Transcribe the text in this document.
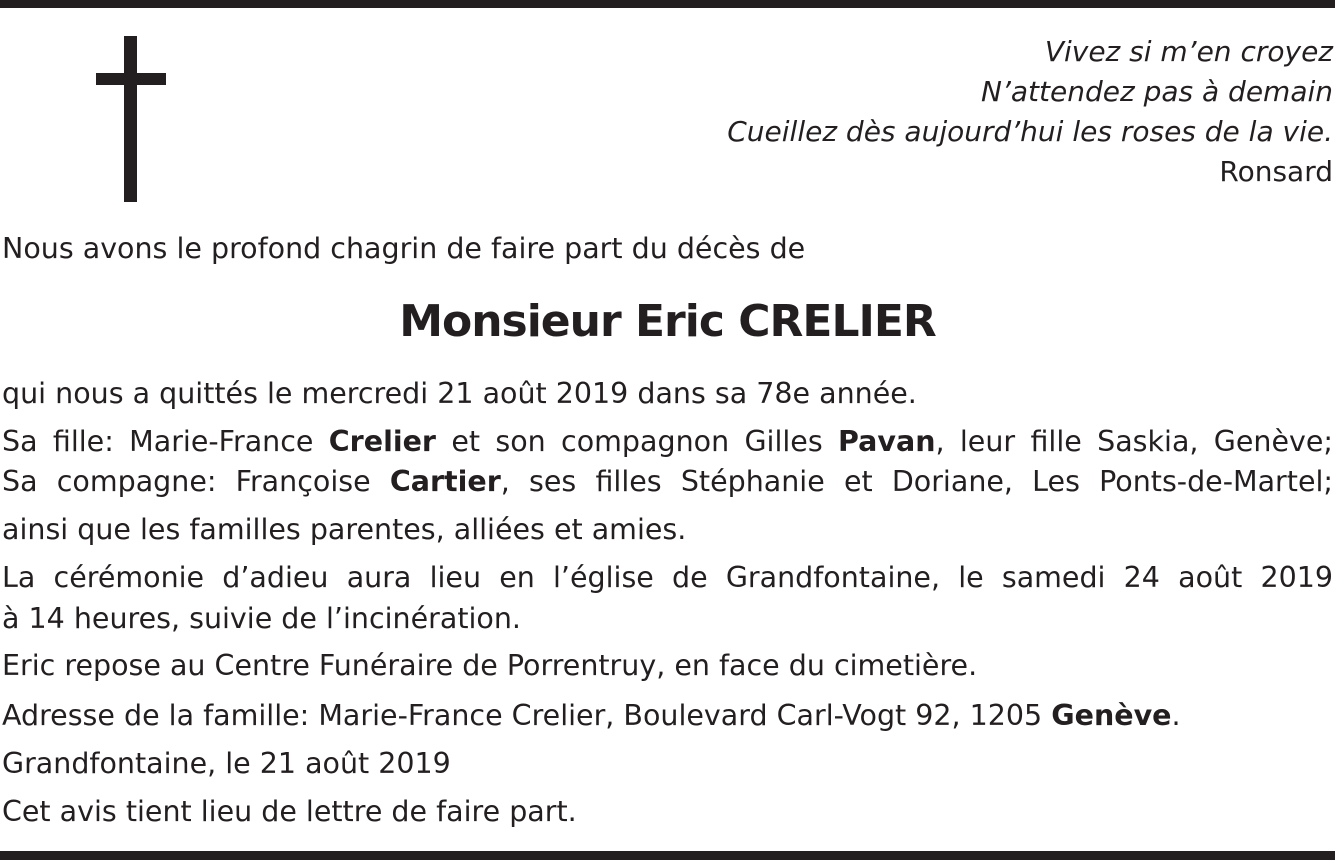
Vivez si m’en croyez
N’attendez pas à demain
Cueillez dès aujourd’hui les roses de la vie.
Ronsard
Nous avons le profond chagrin de faire part du décès de
Monsieur Eric CRELIER
qui nous a quittés le mercredi 21 août 2019 dans sa 78e année.
Sa fille: Marie-France Crelier et son compagnon Gilles Pavan, leur fille Saskia, Genève;
Sa compagne: Françoise Cartier, ses filles Stéphanie et Doriane, Les Ponts-de-Martel;
ainsi que les familles parentes, alliées et amies.
La cérémonie d’adieu aura lieu en l’église de Grandfontaine, le samedi 24 août 2019
à 14 heures, suivie de l’incinération.
Eric repose au Centre Funéraire de Porrentruy, en face du cimetière.
Adresse de la famille: Marie-France Crelier, Boulevard Carl-Vogt 92, 1205 Genève.
Grandfontaine, le 21 août 2019
Cet avis tient lieu de lettre de faire part.
